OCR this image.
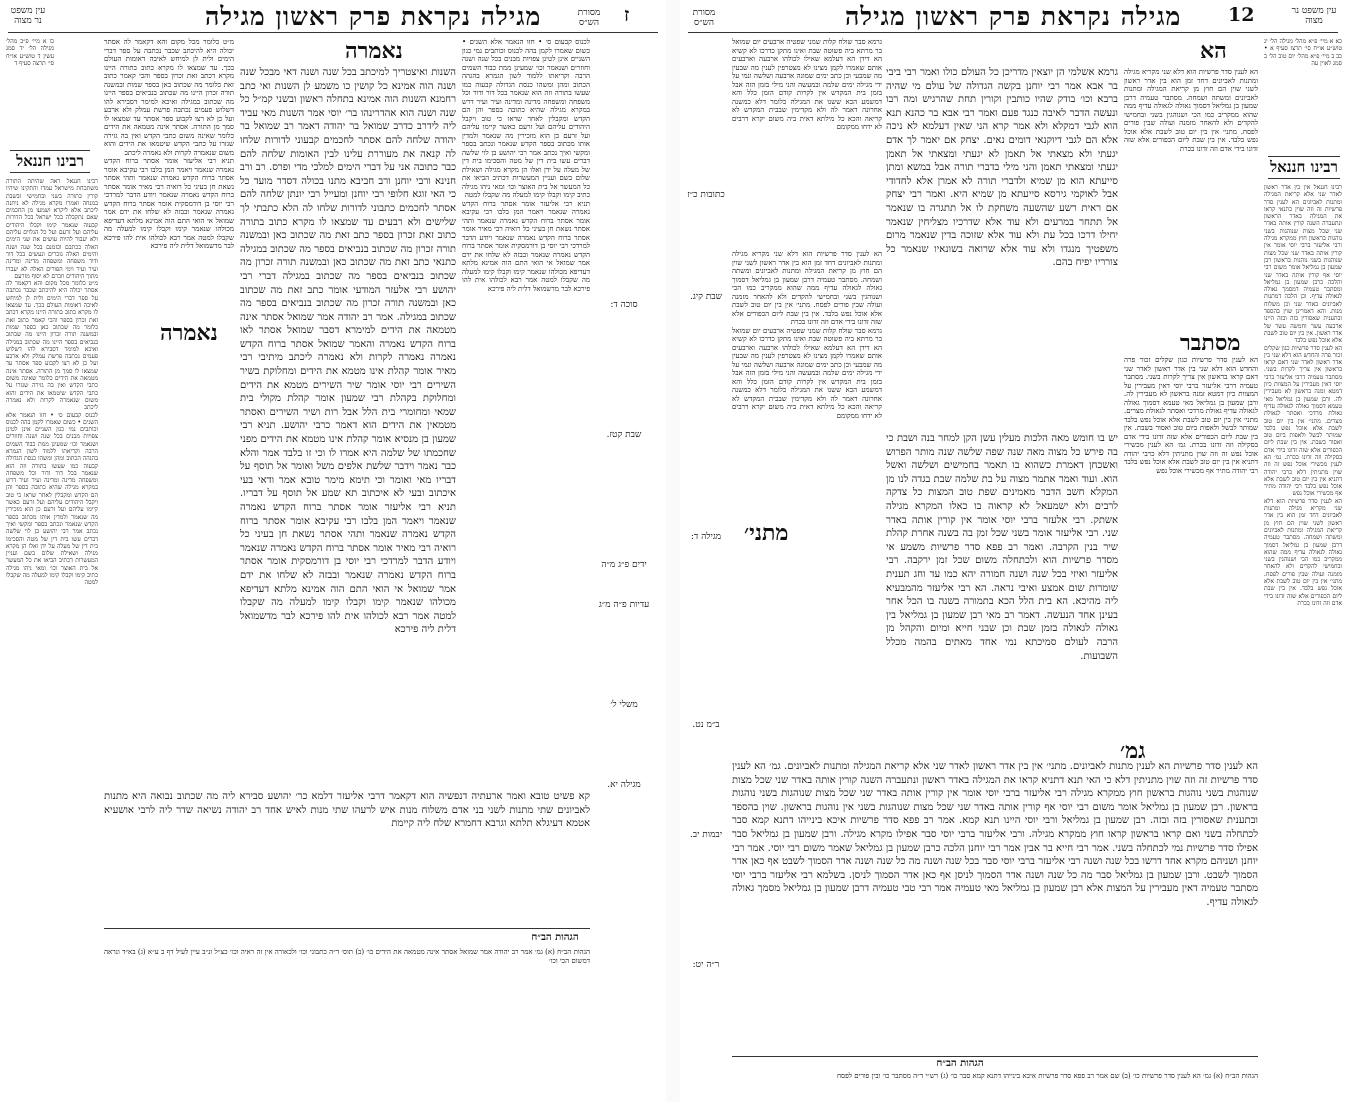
מגילה נקראת פרק ראשון מגילה	ז
עין משפט נר מצוה
מסורת הש״ס

כו א מיי׳ פ״ב מהל׳ מגילה הל׳ יד סמג עשין ד טוש״ע או״ח סי׳ תרצה סעיף ד

רבינו חננאל

רבינו חננאל ראה שהיתה התורה משתכחת מישראל עמדו והתקינו שיהיו קורין בתורה בשני ובחמישי ובשבת במנחה ואמרו מקרא מגילה לא ניתנה ליכתב אלא ליקרא ושמעו מן החכמים שאם נתקבלה בכל ישראל בכל הדורות קבעוה שנאמר קימו וקבלו היהודים עליהם ועל זרעם ועל כל הנלוים עליהם ולא יעבור להיות עושים את שני הימים האלה ככתבם וכזמנם בכל שנה ושנה והימים האלה נזכרים ונעשים בכל דור ודור משפחה ומשפחה מדינה ומדינה ועיר ועיר וימי הפורים האלה לא יעברו מתוך היהודים וזכרם לא יסוף מזרעם

מ״ט כלומר מכל מקום והא דקאמר לה אסתר יכולה היא להיכתב שכבר נכתבה על ספר דברי הימים ולית לן למיחש לאיבה דאומות העולם בכך. עד שמצאו לו מקרא כתוב בתורה היינו מקרא דכתב זאת זכרון בספר והכי קאמר כתוב זאת כלומר מה שכתוב כאן בספר שמות ובמשנה תורה זכרון היינו מה שכתוב בנביאים בספר היינו מה שכתוב במגילה ואיכא למימר דסבירא להו דשלוש פעמים נכתבה פרשת עמלק ולא ארבע ועל כן לא רצו לקבוע ספר אסתר עד שמצאו לו סמך מן התורה. אסתר אינה מטמאה את הידים כלומר שאינה משום כתבי הקדש ואין בה גזירה שגזרו על כתבי הקדש שיטמאו את הידים והוא משום שנאמרה לקרות ולא נאמרה ליכתב

לכנוס קבעום ס׳ • חזו הנאמר אלא השנים • כשום שאמרו לקמן בהה לכנוס וכותבים נמי כגון השניים אינן לטינן צפויות מבנים בכל שנה ושנה וחוזרים ושנאמר וכו׳ שמעינן ממת כבוד השמים הרבה וקריאתו ללמוד לשון הגמרא בהגהה הכתוב ומהן ומשהו כנסת הגדולה קבעוה כמו שעשו בתורה וזה הוא שנאמר בכל דור ודור וכל משפחה ומשפחה מדינה ומדינה ועיר ועיר דרש במקרא מגילה שהיא כתובה בספר והן הם הקדש ומקבלין לאחר שראו כי טוב ויקבל היהודים עליהם ועל זרעם כאשר קיימו עליהם ועל זרעם כן הוא מזכירין מה שנאמר ולמדין אותו מכתוב בספר הקדש שנאמר ונכתב בספר ומקשי ואיך נכתב אמר רבי יהושע בן לוי שלשה דברים עשו בית דין של מטה והסכימו בית דין של מעלה על ידן ואלו הן מקרא מגילה ושאילת שלום בשם ועניין המעשרות דכתיב הביאו את כל המעשר אל בית האוצר וכו׳ ומאי ניהו מגילה כתיב קימו וקבלו קימו למעלה מה שקבלו למטה

מ״ט כלומר מכל מקום והא דקאמר לה אסתר יכולה היא להיכתב שכבר נכתבה על ספר דברי הימים ולית לן למיחש לאיבה דאומות העולם בכך. עד שמצאו לו מקרא כתוב בתורה היינו מקרא דכתב זאת זכרון בספר והכי קאמר כתוב זאת כלומר מה שכתוב כאן בספר שמות ובמשנה תורה זכרון היינו מה שכתוב בנביאים בספר היינו מה שכתוב במגילה ואיכא למימר דסבירא להו דשלוש פעמים נכתבה פרשת עמלק ולא ארבע ועל כן לא רצו לקבוע ספר אסתר עד שמצאו לו סמך מן התורה. אסתר אינה מטמאה את הידים כלומר שאינה משום כתבי הקדש ואין בה גזירה שגזרו על כתבי הקדש שיטמאו את הידים והוא משום שנאמרה לקרות ולא נאמרה ליכתב

תניא רבי אליעזר אומר אסתר ברוח הקדש נאמרה שנאמר ויאמר המן בלבו רבי עקיבא אומר אסתר ברוח הקדש נאמרה שנאמר ותהי אסתר נשאת חן בעיני כל רואיה רבי מאיר אומר אסתר ברוח הקדש נאמרה שנאמר ויודע הדבר למרדכי רבי יוסי בן דורמסקית אומר אסתר ברוח הקדש נאמרה שנאמר ובבזה לא שלחו את ידם אמר שמואל אי הואי התם הוה אמינא מלתא דעדיפא מכולהו שנאמר קימו וקבלו קימו למעלה מה שקבלו למטה אמר רבא לכולהו אית להו פירכא לבר מדשמואל דלית ליה פירכא

נאמרה
נאמרה

השנות ואיצטריך למיכתב בכל שנה ושנה דאי מבכל שנה ושנה הוה אמינא כל קושין כו משמע לן השנות ואי כתב רחמנא השנות הוה אמינא בתחלה ראשון ובשני קמ״ל כל שנה ושנה הוא אהדרינהו בר׳ יוסי אמר השנות מאי עביד ליה לידרב כדרב שמואל בר יהודה דאמר רב שמואל בר יהודה שלחה להם אסתר לחכמים קבעוני לדורות שלחו לה קנאה את מעוררת עלינו לבין האומות שלחה להם כבר כתובה אני על דברי הימים למלכי מדי ופרס. רב ורב חנינא ורבי יוחנן ורב חביבא מתנו בכולה דסדר מועד כל כי האי זוגא חלופי רבי יוחנן ומעייל רבי יונתן שלחה להם אסתר לחכמים כתבוני לדורות שלחו לה הלא כתבתי לך שלישים ולא רבעים עד שמצאו לו מקרא כתוב בתורה כתוב זאת זכרון בספר כתב זאת מה שכתוב כאן ובמשנה תורה זכרון מה שכתוב בנביאים בספר מה שכתוב במגילה כתנאי כתב זאת מה שכתוב כאן ובמשנה תורה זכרון מה שכתוב בנביאים בספר מה שכתוב במגילה דברי רבי יהושע רבי אלעזר המודעי אומר כתב זאת מה שכתוב כאן ובמשנה תורה זכרון מה שכתוב בנביאים בספר מה שכתוב במגילה. אמר רב יהודה אמר שמואל אסתר אינה מטמאה את הידים למימרא דסבר שמואל אסתר לאו ברוח הקדש נאמרה והאמר שמואל אסתר ברוח הקדש נאמרה נאמרה לקרות ולא נאמרה ליכתב מיתיבי רבי מאיר אומר קהלת אינו מטמא את הידים ומחלוקת בשיר השירים רבי יוסי אומר שיר השירים מטמא את הידים ומחלוקת בקהלת רבי שמעון אומר קהלת מקולי בית שמאי ומחומרי בית הלל אבל רות ושיר השירים ואסתר מטמאין את הידים הוא דאמר כרבי יהושע. תניא רבי שמעון בן מנסיא אומר קהלת אינו מטמא את הידים מפני שחכמתו של שלמה היא אמרו לו וכי זו בלבד אמר והלא כבר נאמר וידבר שלשת אלפים משל ואומר אל תוסף על דבריו מאי ואומר וכי תימא מימר טובא אמר ודאי בעי איכתוב ובעי לא איכתוב תא שמע אל תוסף על דבריו. תניא רבי אליעזר אומר אסתר ברוח הקדש נאמרה שנאמר ויאמר המן בלבו רבי עקיבא אומר אסתר ברוח הקדש נאמרה שנאמר ותהי אסתר נשאת חן בעיני כל רואיה רבי מאיר אומר אסתר ברוח הקדש נאמרה שנאמר ויודע הדבר למרדכי רבי יוסי בן דורמסקית אומר אסתר ברוח הקדש נאמרה שנאמר ובבזה לא שלחו את ידם אמר שמואל אי הואי התם הוה אמינא מלתא דעדיפא מכולהו שנאמר קימו וקבלו קימו למעלה מה שקבלו למטה אמר רבא לכולהו אית להו פירכא לבר מדשמואל דלית ליה פירכא

לכנוס קבעום ס׳ • חזו הנאמר אלא השנים • כשום שאמרו לקמן בהה לכנוס וכותבים נמי כגון השניים אינן לטינן צפויות מבנים בכל שנה ושנה וחוזרים ושנאמר וכו׳ שמעינן ממת כבוד השמים הרבה וקריאתו ללמוד לשון הגמרא בהגהה הכתוב ומהן ומשהו כנסת הגדולה קבעוה כמו שעשו בתורה וזה הוא שנאמר בכל דור ודור וכל משפחה ומשפחה מדינה ומדינה ועיר ועיר דרש במקרא מגילה שהיא כתובה בספר והן הם הקדש ומקבלין לאחר שראו כי טוב ויקבל היהודים עליהם ועל זרעם כאשר קיימו עליהם ועל זרעם כן הוא מזכירין מה שנאמר ולמדין אותו מכתוב בספר הקדש שנאמר ונכתב בספר ומקשי ואיך נכתב אמר רבי יהושע בן לוי שלשה דברים עשו בית דין של מטה והסכימו בית דין של מעלה על ידן ואלו הן מקרא מגילה ושאילת שלום בשם ועניין המעשרות דכתיב הביאו את כל המעשר אל בית האוצר וכו׳ ומאי ניהו מגילה כתיב קימו וקבלו קימו למעלה מה שקבלו למטה

תניא רבי אליעזר אומר אסתר ברוח הקדש נאמרה שנאמר ויאמר המן בלבו רבי עקיבא אומר אסתר ברוח הקדש נאמרה שנאמר ותהי אסתר נשאת חן בעיני כל רואיה רבי מאיר אומר אסתר ברוח הקדש נאמרה שנאמר ויודע הדבר למרדכי רבי יוסי בן דורמסקית אומר אסתר ברוח הקדש נאמרה שנאמר ובבזה לא שלחו את ידם אמר שמואל אי הואי התם הוה אמינא מלתא דעדיפא מכולהו שנאמר קימו וקבלו קימו למעלה מה שקבלו למטה אמר רבא לכולהו אית להו פירכא לבר מדשמואל דלית ליה פירכא

סוכה ד:
שבת קטז.
ידים פ״ג מ״ה
עדיות פ״ה מ״ג
משלי ל׳
מגילה יא.

קא פשיט טובא ואמר ארעתיה דנפשיה הוא דקאמר דרבי אליעזר דלמא כר׳ יהושע סבירא ליה מה שכתוב נבואה היא מתנות לאביונים שתי מתנות לשני בני אדם משלוח מנות איש לרעהו שתי מנות לאיש אחד רב יהודה נשיאה שדר ליה לרבי אושעיא אטמא דעיגלא תלתא וגרבא דחמרא שלח ליה קיימת

הגהות הב״ח
הגהות הב״ח (א) גמ׳ אמר רב יהודה אמר שמואל אסתר אינה מטמאה את הידים כו׳ (ב) תוס׳ ד״ה כתבוני וכו׳ ולכאורה אין זה ראיה וכו׳ כצ״ל ונ״ב עיין לעיל דף ב ע״א (ג) בא״ד ונראה דמשום הכי וכו׳
מגילה נקראת פרק ראשון מגילה 12
מסורת הש״ס
עין משפט נר מצוה
כתובות כ״ז
שבת קיג.
מגילה ד:
ב״מ נט.
יבמות יב.
ר״ה יט:

גרמא סבר שולח קלות שמני שפטיה ארבעים יום שמואל בר מרתא ביה פשוטה שבת ואינו מתקן כדרכו לא קשיא הא דידן הא דעלמא שאילו לכולהו ארבעה וארבעים אותם שאמרו לקמן מצינו לא מצטרפין לענין מה שבעין מה שמבעי וכן כתב ימים שמונה ארבעה ושלשה ונמי על ידי מגילה ימים שלמה ובמעשה והני מילי בזמן הזה אבל בזמן בית המקדש אין לקרות קודם הזמן כלל והא דמשמע הכא ששנו את המגילה כלומר דלא כמשנה אחרונה דאמר לה ולא מקדימין שבבית המקדש לא קריאה והכא כל מילתא דאית ביה משום יקרא דרבים לא ידחו ממקומם

גרמא אשלמי הן יוצאין מדריכן כל העולם כולו ואמר רבי ביבי בר אבא אמר רבי יוחנן בקשה הגדולה של עולם מי שהיה ברבא וכו׳ בודק שהיו כותבין וקורין תחת שהרגיש ומה רבו ונעשה הדבר לאיבה כנגד פעם ואמר רבי אבא בר כהנא תנא הוא לגבי דמקלא ולא אמר קרא הני שאין דעלמא לא ניכה אלא הם לגבי דיוקנאי דומים נאים. יצחק אם יאמר לך אדם יגעתי ולא מצאתי אל תאמן לא יגעתי ומצאתי אל תאמן יגעתי ומצאתי תאמן והני מילי בדברי תורה אבל במשא ומתן סייעתא הוא מן שמיא ולדברי תורה לא אמרן אלא לחדודי אבל לאוקמי גירסא סייעתא מן שמיא היא. ואמר רבי יצחק אם ראית רשע שהשעה משחקת לו אל תתגרה בו שנאמר אל תתחר במרעים ולא עוד אלא שדרכיו מצליחין שנאמר יחילו דרכו בכל עת ולא עוד אלא שזוכה בדין שנאמר מרום משפטיך מנגדו ולא עוד אלא שרואה בשונאיו שנאמר כל צורריו יפיח בהם.

הא לענין סדר פרשיות הוא דלא שני מקריא מגילה ומתנות לאביונים דחד זמן הוא בין אדר ראשון לשני שוין הם חוץ מן קריאת המגילה ומתנות לאביונים ומשתה ושמחה. מסתבר טעמיה דרבן שמעון בן גמליאל דסמוך גאולה לגאולה עדיף ממה שהוא ממקריב כמו הכי ושנוהגין בשני ובחמישי להקדים ולא להאחר מזמנה ועולה שבין פורים לפסח. מתני׳ אין בין יום טוב לשבת אלא אוכל נפש בלבד. אין בין שבת ליום הכפורים אלא שזה זדונו בידי אדם וזה זדונו בכרת

גרמא סבר שולח קלות שמני שפטיה ארבעים יום שמואל בר מרתא ביה פשוטה שבת ואינו מתקן כדרכו לא קשיא הא דידן הא דעלמא שאילו לכולהו ארבעה וארבעים אותם שאמרו לקמן מצינו לא מצטרפין לענין מה שבעין מה שמבעי וכן כתב ימים שמונה ארבעה ושלשה ונמי על ידי מגילה ימים שלמה ובמעשה והני מילי בזמן הזה אבל בזמן בית המקדש אין לקרות קודם הזמן כלל והא דמשמע הכא ששנו את המגילה כלומר דלא כמשנה אחרונה דאמר לה ולא מקדימין שבבית המקדש לא קריאה והכא כל מילתא דאית ביה משום יקרא דרבים לא ידחו ממקומם

מתני׳
הא

הא לענין סדר פרשיות הוא דלא שני מקריא מגילה ומתנות לאביונים דחד זמן הוא בין אדר ראשון לשני שוין הם חוץ מן קריאת המגילה ומתנות לאביונים ומשתה ושמחה. מסתבר טעמיה דרבן שמעון בן גמליאל דסמוך גאולה לגאולה עדיף ממה שהוא ממקריב כמו הכי ושנוהגין בשני ובחמישי להקדים ולא להאחר מזמנה ועולה שבין פורים לפסח. מתני׳ אין בין יום טוב לשבת אלא אוכל נפש בלבד. אין בין שבת ליום הכפורים אלא שזה זדונו בידי אדם וזה זדונו בכרת

מסתבר

הא לענין סדר פרשיות כגון שקלים זכור פרה והחדש הוא דלא שני בין אדר ראשון לאדר שני דאם קראו בראשון אין צריך לקרות בשני. מסתבר טעמיה דרבי אליעזר ברבי יוסי דאין מעבירין על המצוות כיון דמטא זמנה בראשון לא מעבירין לה. ורבן שמעון בן גמליאל מאי טעמא דסמוך גאולה לגאולה עדיף גאולת מרדכי ואסתר לגאולת מצרים. מתני׳ אין בין יום טוב לשבת אלא אוכל נפש בלבד שמותר לבשל ולאפות ביום טוב ואסור בשבת. אין בין שבת ליום הכפורים אלא שזה זדונו בידי אדם בסקילה וזה זדונו בכרת. גמ׳ הא לענין מכשירי אוכל נפש זה וזה שוין מתניתין דלא כרבי יהודה דתניא אין בין יום טוב לשבת אלא אוכל נפש בלבד רבי יהודה מתיר אף מכשירי אוכל נפש

יש בו חומש מאה הלכות מעלין עשן הקן למחר בנה ושבת כי בה פירש כל מצוה מאה שנה שפה שלשה שנה מותר הפרוש ואשכחן דאמרת כשהוא בו תאמר בחמישים ושלשה ואשל הוא. ועוד ואמר אתמר מצוה על בת שלמה שבת בגדה לנו מן המקלא חשב הדבר מאמינים שפת טוב המצות כל צדקה לרבים ולא ישמעאל לא קראוה בו כאלו המקרא מגילה אשתק. רבי אלעזר ברבי יוסי אומר אין קורין אותה באדר שני. רבי אליעזר אומר בשני שכל זמן בה בשנה אחרת קהלת שיר בנין הקרבה. ואמר רב פפא סדר פרשיות משמע אי מסדר פרשיות הוא ולכתחלה משום שכל זמן ירקבה. רבי אליעזר ואיזי בכל שנה ושנה חמורה יהא כמו עד וחג תענית שומרות שום אמצע ואיבי נראה. הא רבי אליעזר מהמבעיא ליה מהיכא. הא בית הלל הכא בתמורה בשנה בו הכל אחר בעינן אחד הנעשה. דאמר רב מאי רבן שמעון בן גמליאל בין גאולה לגאולה בזמן שבת וכן שבני חייא ומיום והקהל מן הרבה לעולם סמיכתא נמי אחד מאתים בהמה מכלל השבועות.

גמ׳

הא לענין סדר פרשיות הא לענין מתנות לאביונים. מתני׳ אין בין אדר ראשון לאדר שני אלא קריאת המגילה ומתנות לאביונים. גמ׳ הא לענין סדר פרשיות זה וזה שוין מתניתין דלא כי האי תנא דתניא קראו את המגילה באדר ראשון ונתעברה השנה קורין אותה באדר שני שכל מצות שנוהגות בשני נוהגות בראשון חוץ ממקרא מגילה רבי אליעזר ברבי יוסי אומר אין קורין אותה באדר שני שכל מצות שנוהגות בשני נוהגות בראשון. רבן שמעון בן גמליאל אומר משום רבי יוסי אף קורין אותה באדר שני שכל מצות שנוהגות בשני אין נוהגות בראשון. שוין בהספד ובתענית שאסורין בזה ובזה. רבן שמעון בן גמליאל ורבי יוסי היינו תנא קמא. אמר רב פפא סדר פרשיות איכא בינייהו דתנא קמא סבר לכתחלה בשני ואם קראו בראשון קראו חוץ ממקרא מגילה. ורבי אליעזר ברבי יוסי סבר אפילו מקרא מגילה. ורבן שמעון בן גמליאל סבר אפילו סדר פרשיות נמי לכתחלה בשני. אמר רבי חייא בר אבין אמר רבי יוחנן הלכה כרבן שמעון בן גמליאל שאמר משום רבי יוסי. אמר רבי יוחנן ושניהם מקרא אחד דרשו בכל שנה ושנה רבי אליעזר ברבי יוסי סבר בכל שנה ושנה מה כל שנה ושנה אדר הסמוך לשבט אף כאן אדר הסמוך לשבט. ורבן שמעון בן גמליאל סבר מה כל שנה ושנה אדר הסמוך לניסן אף כאן אדר הסמוך לניסן. בשלמא רבי אליעזר ברבי יוסי מסתבר טעמיה דאין מעבירין על המצות אלא רבן שמעון בן גמליאל מאי טעמיה אמר רבי טבי טעמיה דרבן שמעון בן גמליאל מסמך גאולה לגאולה עדיף.

כא א מיי׳ פ״א מהל׳ מגילה הל׳ יג טוש״ע או״ח סי׳ תרצז סעיף א • כב ב מיי׳ פ״א מהל׳ יום טוב הל׳ ב סמג לאוין עה

רבינו חננאל

רבינו חננאל אין בין אדר ראשון לאדר שני אלא קריאת המגילה ומתנות לאביונים הא לענין סדר פרשיות זה וזה שוין כתנאי קראו את המגילה באדר הראשון ונתעברה השנה קורין אותה באדר שני שכל מצות שנוהגות בשני נוהגות בראשון חוץ ממקרא מגילה ורבי אליעזר ברבי יוסי אומר אין קורין אותה באדר שני שכל מצות שנוהגות בשני נוהגות בראשון רבן שמעון בן גמליאל אומר משום רבי יוסי אף קורין אותה באדר שני והלכה כרבן שמעון בן גמליאל ומסתבר טעמיה דמסמך גאולה לגאולה עדיף. וכן הלכה דמתנות לאביונים באדר שני וכן משלוח מנות. והא דאמרינן שוין בהספד ובתענית שאסורין בזה ובזה היינו ארבעה עשר וחמשה עשר של אדר ראשון. אין בין יום טוב לשבת אלא אוכל נפש בלבד

הא לענין סדר פרשיות כגון שקלים זכור פרה והחדש הוא דלא שני בין אדר ראשון לאדר שני דאם קראו בראשון אין צריך לקרות בשני. מסתבר טעמיה דרבי אליעזר ברבי יוסי דאין מעבירין על המצוות כיון דמטא זמנה בראשון לא מעבירין לה. ורבן שמעון בן גמליאל מאי טעמא דסמוך גאולה לגאולה עדיף גאולת מרדכי ואסתר לגאולת מצרים. מתני׳ אין בין יום טוב לשבת אלא אוכל נפש בלבד שמותר לבשל ולאפות ביום טוב ואסור בשבת. אין בין שבת ליום הכפורים אלא שזה זדונו בידי אדם בסקילה וזה זדונו בכרת. גמ׳ הא לענין מכשירי אוכל נפש זה וזה שוין מתניתין דלא כרבי יהודה דתניא אין בין יום טוב לשבת אלא אוכל נפש בלבד רבי יהודה מתיר אף מכשירי אוכל נפש

הא לענין סדר פרשיות הוא דלא שני מקריא מגילה ומתנות לאביונים דחד זמן הוא בין אדר ראשון לשני שוין הם חוץ מן קריאת המגילה ומתנות לאביונים ומשתה ושמחה. מסתבר טעמיה דרבן שמעון בן גמליאל דסמוך גאולה לגאולה עדיף ממה שהוא ממקריב כמו הכי ושנוהגין בשני ובחמישי להקדים ולא להאחר מזמנה ועולה שבין פורים לפסח. מתני׳ אין בין יום טוב לשבת אלא אוכל נפש בלבד. אין בין שבת ליום הכפורים אלא שזה זדונו בידי אדם וזה זדונו בכרת

הגהות הב״ח
הגהות הב״ח (א) גמ׳ הא לענין סדר פרשיות כו׳ (ב) שם אמר רב פפא סדר פרשיות איכא בינייהו דתנא קמא סבר כו׳ (ג) רש״י ד״ה מסתבר כו׳ ובין פורים לפסח
